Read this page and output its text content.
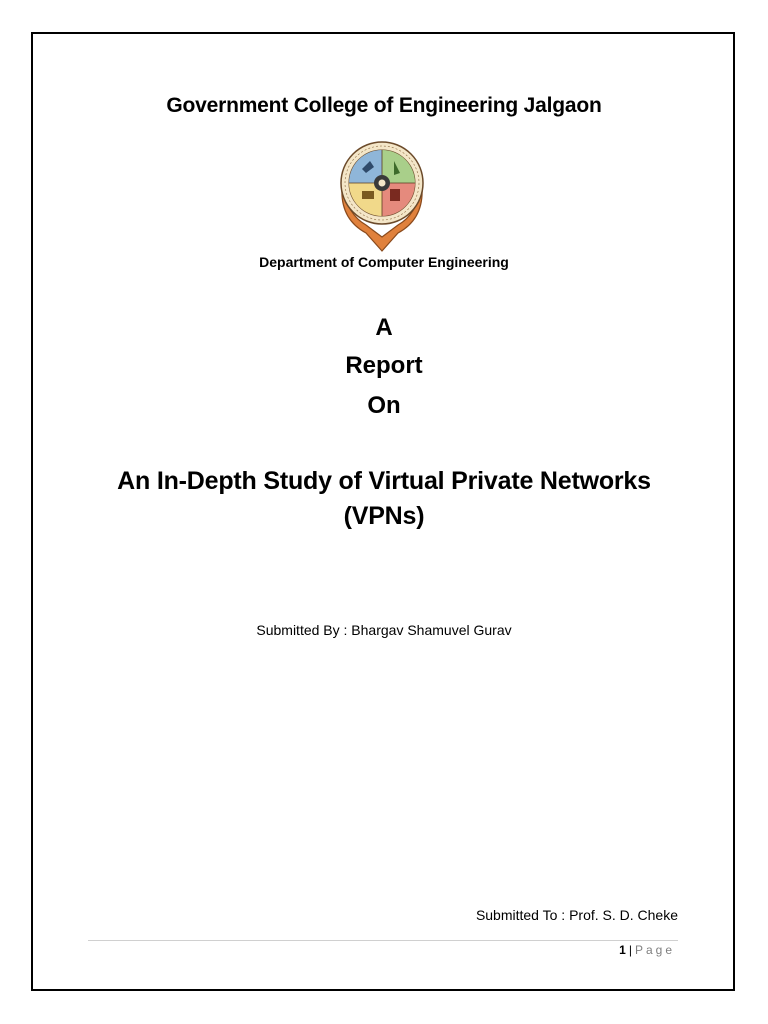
Government College of Engineering Jalgaon
Department of Computer Engineering
A
Report
On
An In-Depth Study of Virtual Private Networks
(VPNs)
Submitted By : Bhargav Shamuvel Gurav
Submitted To : Prof. S. D. Cheke
1 | Page
